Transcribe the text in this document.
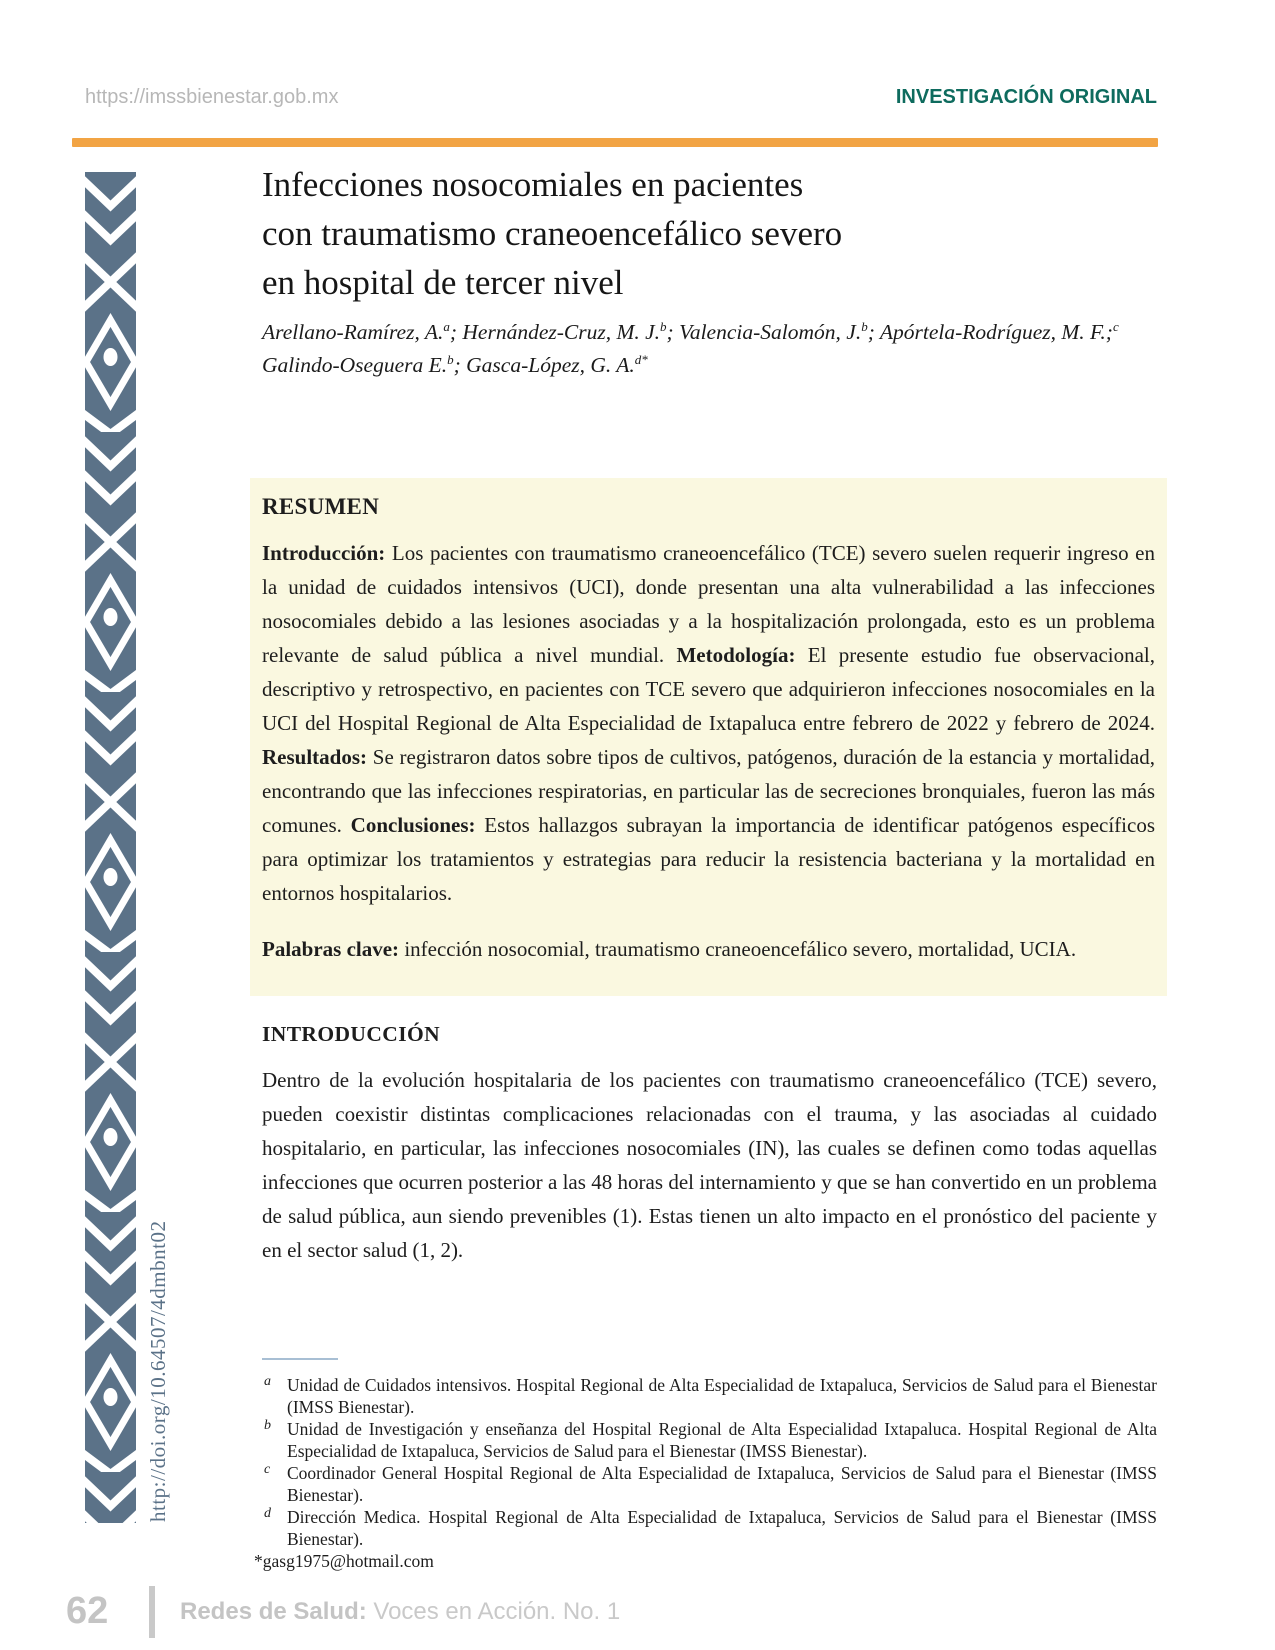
https://imssbienestar.gob.mx	INVESTIGACIÓN ORIGINAL
http://doi.org/10.64507/4dmbnt02
Infecciones nosocomiales en pacientes
con traumatismo craneoencefálico severo
en hospital de tercer nivel
Arellano-Ramírez, A.$^a$; Hernández-Cruz, M. J.$^b$; Valencia-Salomón, J.$^b$; Apórtela-Rodríguez, M. F.;$^c$ Galindo-Oseguera E.$^b$; Gasca-López, G. A.$^{d*}$

RESUMEN

Introducción: Los pacientes con traumatismo craneoencefálico (TCE) severo suelen requerir ingreso en la unidad de cuidados intensivos (UCI), donde presentan una alta vulnerabilidad a las infecciones nosocomiales debido a las lesiones asociadas y a la hospitalización prolongada, esto es un problema relevante de salud pública a nivel mundial. Metodología: El presente estudio fue observacional, descriptivo y retrospectivo, en pacientes con TCE severo que adquirieron infecciones nosocomiales en la UCI del Hospital Regional de Alta Especialidad de Ixtapaluca entre febrero de 2022 y febrero de 2024. Resultados: Se registraron datos sobre tipos de cultivos, patógenos, duración de la estancia y mortalidad, encontrando que las infecciones respiratorias, en particular las de secreciones bronquiales, fueron las más comunes. Conclusiones: Estos hallazgos subrayan la importancia de identificar patógenos específicos para optimizar los tratamientos y estrategias para reducir la resistencia bacteriana y la mortalidad en entornos hospitalarios.

Palabras clave: infección nosocomial, traumatismo craneoencefálico severo, mortalidad, UCIA.

INTRODUCCIÓN

Dentro de la evolución hospitalaria de los pacientes con traumatismo craneoencefálico (TCE) severo, pueden coexistir distintas complicaciones relacionadas con el trauma, y las asociadas al cuidado hospitalario, en particular, las infecciones nosocomiales (IN), las cuales se definen como todas aquellas infecciones que ocurren posterior a las 48 horas del internamiento y que se han convertido en un problema de salud pública, aun siendo prevenibles (1). Estas tienen un alto impacto en el pronóstico del paciente y en el sector salud (1, 2).

a Unidad de Cuidados intensivos. Hospital Regional de Alta Especialidad de Ixtapaluca, Servicios de Salud para el Bienestar (IMSS Bienestar).
b Unidad de Investigación y enseñanza del Hospital Regional de Alta Especialidad Ixtapaluca. Hospital Regional de Alta Especialidad de Ixtapaluca, Servicios de Salud para el Bienestar (IMSS Bienestar).
c Coordinador General Hospital Regional de Alta Especialidad de Ixtapaluca, Servicios de Salud para el Bienestar (IMSS Bienestar).
d Dirección Medica. Hospital Regional de Alta Especialidad de Ixtapaluca, Servicios de Salud para el Bienestar (IMSS Bienestar).
*gasg1975@hotmail.com
62	Redes de Salud: Voces en Acción. No. 1
